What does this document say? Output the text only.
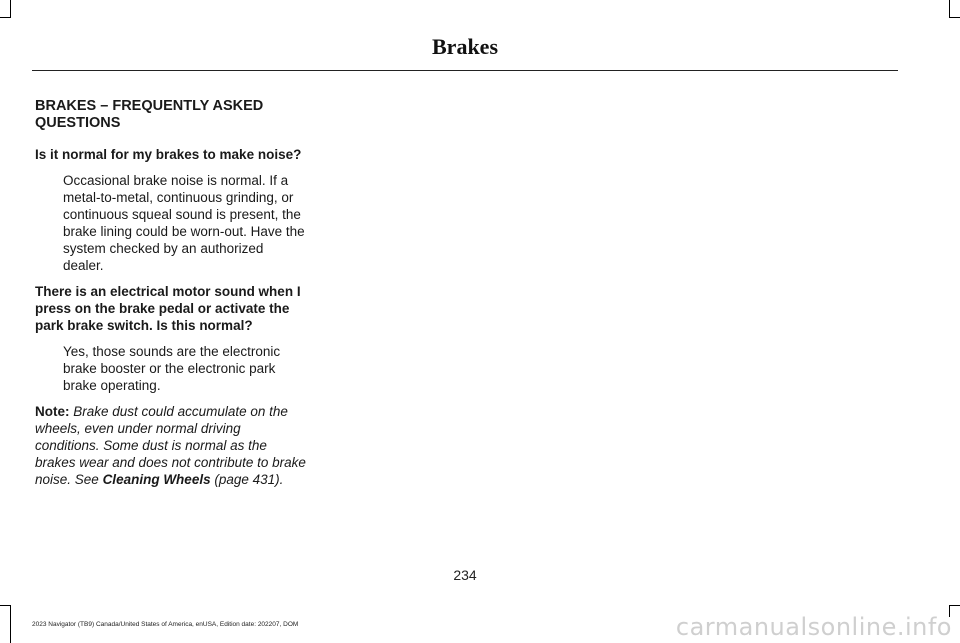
Brakes
BRAKES – FREQUENTLY ASKED
QUESTIONS

Is it normal for my brakes to make noise?

Occasional brake noise is normal. If a metal-to-metal, continuous grinding, or continuous squeal sound is present, the brake lining could be worn-out. Have the system checked by an authorized dealer.

There is an electrical motor sound when I press on the brake pedal or activate the park brake switch. Is this normal?

Yes, those sounds are the electronic brake booster or the electronic park brake operating.

Note: Brake dust could accumulate on the wheels, even under normal driving conditions. Some dust is normal as the brakes wear and does not contribute to brake noise. See Cleaning Wheels (page 431).

234
2023 Navigator (TB9) Canada/United States of America, enUSA, Edition date: 202207, DOM	carmanualsonline.info
